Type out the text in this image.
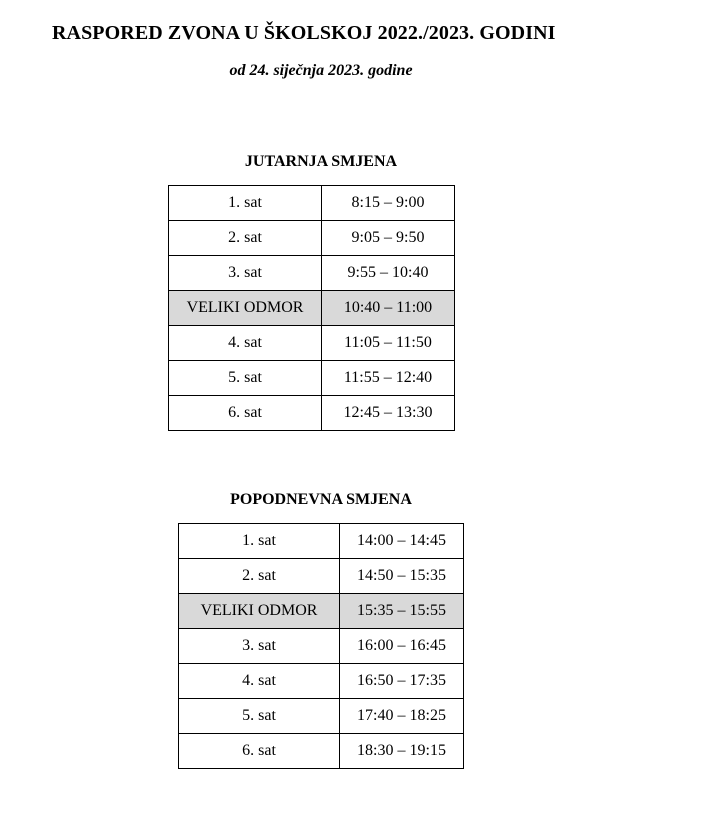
RASPORED ZVONA U ŠKOLSKOJ 2022./2023. GODINI

od 24. siječnja 2023. godine

JUTARNJA SMJENA
1. sat	8:15 – 9:00
2. sat	9:05 – 9:50
3. sat	9:55 – 10:40
VELIKI ODMOR	10:40 – 11:00
4. sat	11:05 – 11:50
5. sat	11:55 – 12:40
6. sat	12:45 – 13:30
POPODNEVNA SMJENA
1. sat	14:00 – 14:45
2. sat	14:50 – 15:35
VELIKI ODMOR	15:35 – 15:55
3. sat	16:00 – 16:45
4. sat	16:50 – 17:35
5. sat	17:40 – 18:25
6. sat	18:30 – 19:15
